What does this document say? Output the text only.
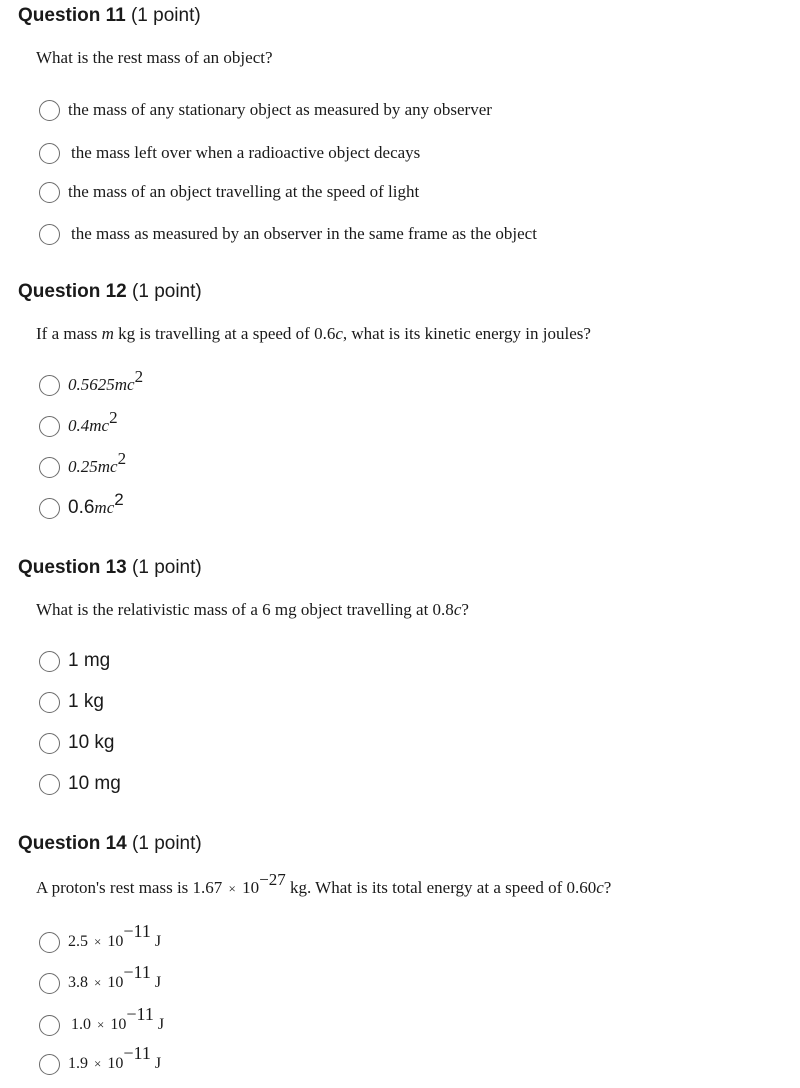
Question 11 (1 point)
What is the rest mass of an object?
the mass of any stationary object as measured by any observer
the mass left over when a radioactive object decays
the mass of an object travelling at the speed of light
the mass as measured by an observer in the same frame as the object
Question 12 (1 point)
If a mass m kg is travelling at a speed of 0.6c, what is its kinetic energy in joules?
$0.5625mc^2$
$0.4mc^2$
$0.25mc^2$
$0.6mc^2$
Question 13 (1 point)
What is the relativistic mass of a 6 mg object travelling at 0.8c?
1 mg
1 kg
10 kg
10 mg
Question 14 (1 point)
A proton's rest mass is $1.67 \times 10^{-27}$ kg. What is its total energy at a speed of 0.60c?
$2.5 \times 10^{-11}$ J
$3.8 \times 10^{-11}$ J
$1.0 \times 10^{-11}$ J
$1.9 \times 10^{-11}$ J
